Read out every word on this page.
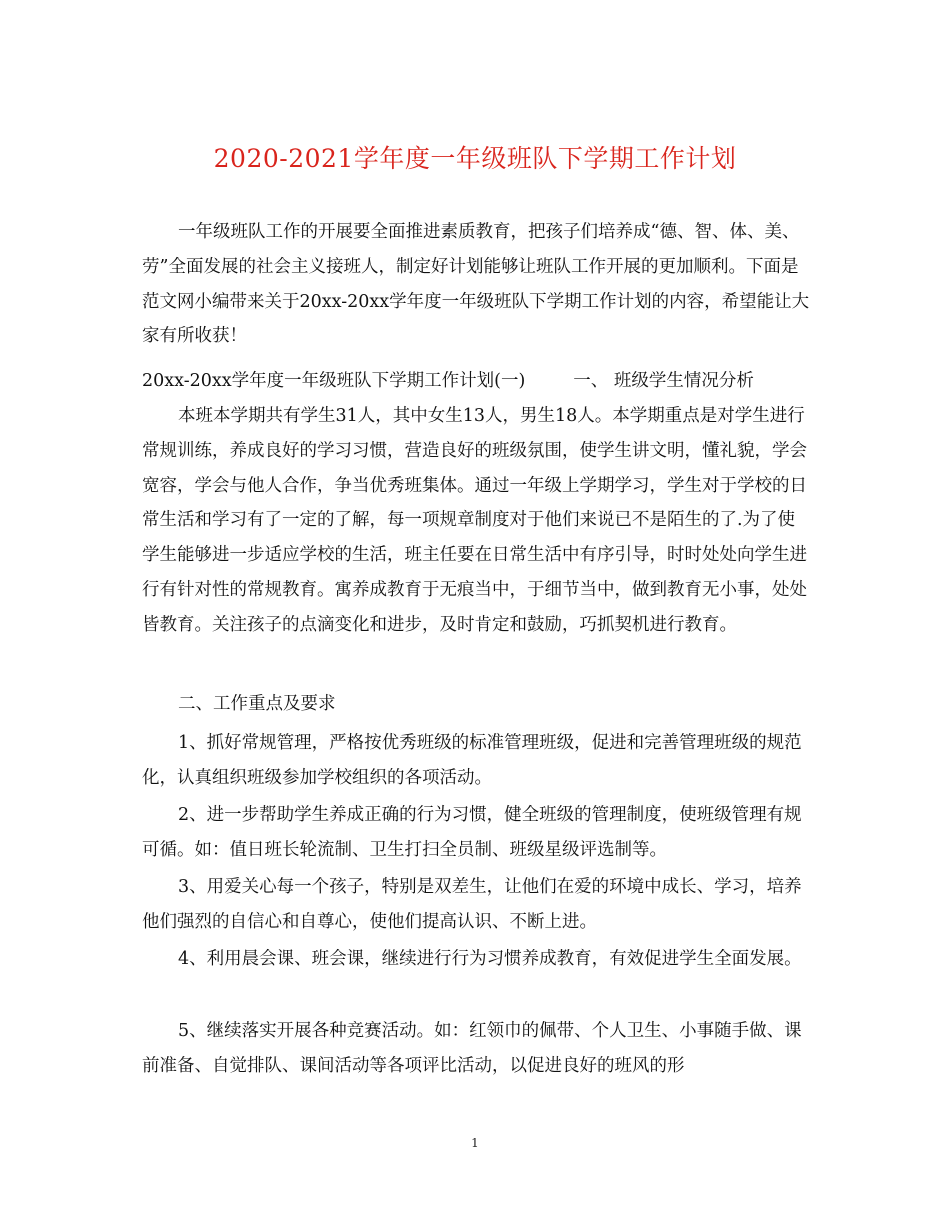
2020-2021学年度一年级班队下学期工作计划

一年级班队工作的开展要全面推进素质教育，把孩子们培养成“德、智、体、美、劳”全面发展的社会主义接班人，制定好计划能够让班队工作开展的更加顺利。下面是范文网小编带来关于20xx-20xx学年度一年级班队下学期工作计划的内容，希望能让大家有所收获！

20xx-20xx学年度一年级班队下学期工作计划(一)	一、 班级学生情况分析

本班本学期共有学生31人，其中女生13人，男生18人。本学期重点是对学生进行常规训练，养成良好的学习习惯，营造良好的班级氛围，使学生讲文明，懂礼貌，学会宽容，学会与他人合作，争当优秀班集体。通过一年级上学期学习，学生对于学校的日常生活和学习有了一定的了解，每一项规章制度对于他们来说已不是陌生的了.为了使学生能够进一步适应学校的生活，班主任要在日常生活中有序引导，时时处处向学生进行有针对性的常规教育。寓养成教育于无痕当中，于细节当中，做到教育无小事，处处皆教育。关注孩子的点滴变化和进步，及时肯定和鼓励，巧抓契机进行教育。

二、工作重点及要求

1、抓好常规管理，严格按优秀班级的标准管理班级，促进和完善管理班级的规范化，认真组织班级参加学校组织的各项活动。

2、进一步帮助学生养成正确的行为习惯，健全班级的管理制度，使班级管理有规可循。如：值日班长轮流制、卫生打扫全员制、班级星级评选制等。

3、用爱关心每一个孩子，特别是双差生，让他们在爱的环境中成长、学习，培养他们强烈的自信心和自尊心，使他们提高认识、不断上进。

4、利用晨会课、班会课，继续进行行为习惯养成教育，有效促进学生全面发展。

5、继续落实开展各种竞赛活动。如：红领巾的佩带、个人卫生、小事随手做、课前准备、自觉排队、课间活动等各项评比活动，以促进良好的班风的形

1
